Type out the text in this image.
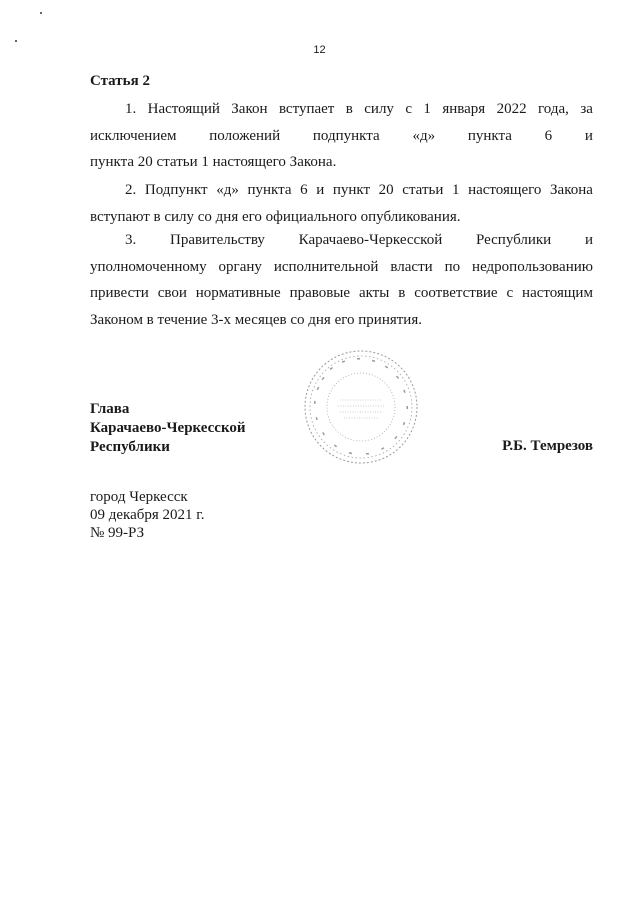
12
Статья 2
1. Настоящий Закон вступает в силу с 1 января 2022 года, за
исключением положений подпункта «д» пункта 6 и
пункта 20 статьи 1 настоящего Закона.
2. Подпункт «д» пункта 6 и пункт 20 статьи 1 настоящего Закона
вступают в силу со дня его официального опубликования.
3. Правительству Карачаево-Черкесской Республики и
уполномоченному органу исполнительной власти по недропользованию
привести свои нормативные правовые акты в соответствие с настоящим
Законом в течение 3-х месяцев со дня его принятия.
Глава
Карачаево-Черкесской
Республики	Р.Б. Темрезов
город Черкесск
09 декабря 2021 г.
№ 99-РЗ
